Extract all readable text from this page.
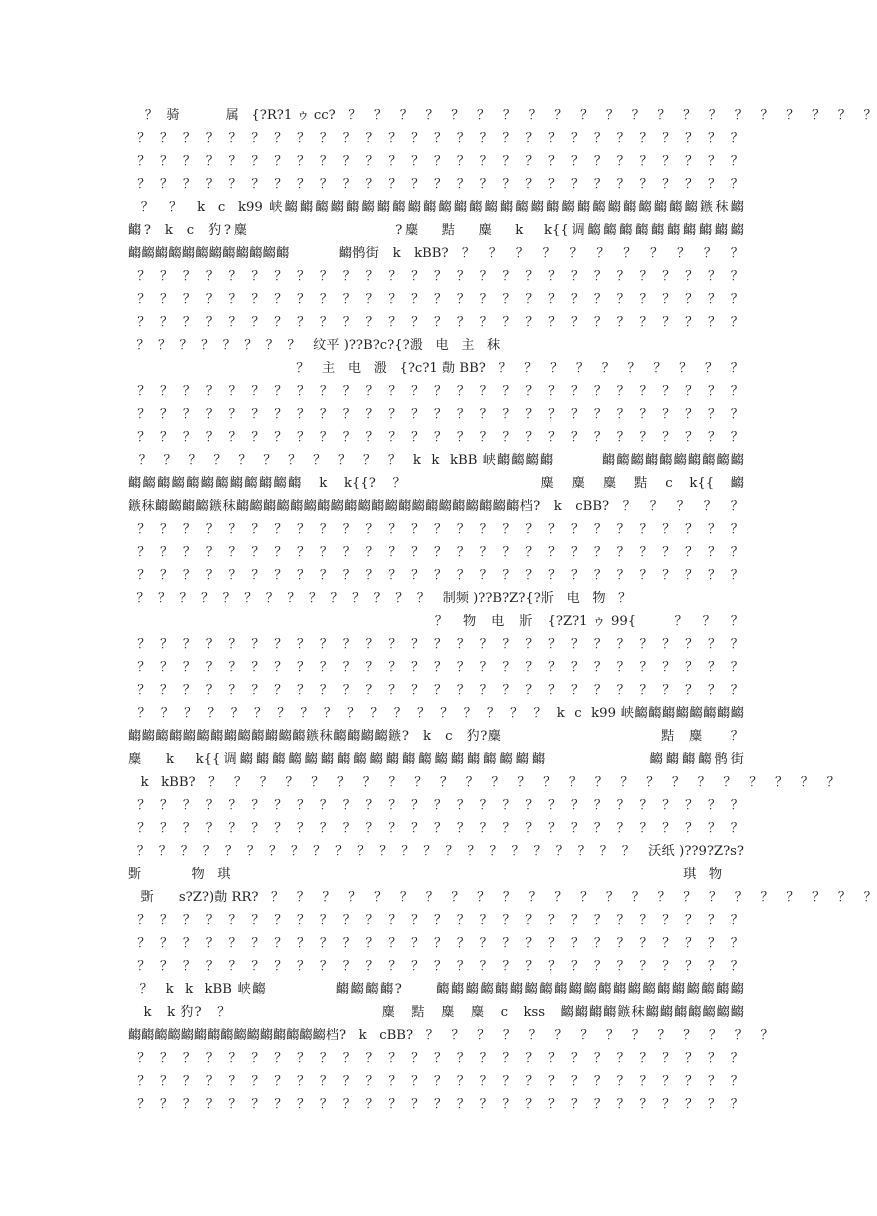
？  骑           属   {?R?1 ゥ cc?   ？   ？   ？   ？   ？   ？   ？   ？   ？   ？   ？   ？   ？   ？   ？   ？   ？   ？   ？   ？   ？
？  ？  ？  ？  ？  ？  ？  ？  ？  ？  ？  ？  ？  ？  ？  ？  ？  ？  ？  ？  ？  ？  ？  ？  ？  ？  ？
？  ？  ？  ？  ？  ？  ？  ？  ？  ？  ？  ？  ？  ？  ？  ？  ？  ？  ？  ？  ？  ？  ？  ？  ？  ？  ？
？  ？  ？  ？  ？  ？  ？  ？  ？  ？  ？  ？  ？  ？  ？  ？  ？  ？  ？  ？  ？  ？  ？  ？  ？  ？  ？
？  ？  k  c  k99 峡齺齺齺齺齺齺齺齺齺齺齺齺齺齺齺齺齺齺齺齺齺齺齺齺齺齺齺鏃秣齺
齺?  k  c  犳?麋                     ?麋   黠   麋   k   k{{调齺齺齺齺齺齺齺齺齺齺
齺齺齺齺齺齺齺齺齺齺齺齺           齺鹘街   k   kBB?   ？   ？   ？   ？   ？   ？   ？   ？   ？   ？   ？
？  ？  ？  ？  ？  ？  ？  ？  ？  ？  ？  ？  ？  ？  ？  ？  ？  ？  ？  ？  ？  ？  ？  ？  ？  ？  ？
？  ？  ？  ？  ？  ？  ？  ？  ？  ？  ？  ？  ？  ？  ？  ？  ？  ？  ？  ？  ？  ？  ？  ？  ？  ？  ？
？  ？  ？  ？  ？  ？  ？  ？  ？  ？  ？  ？  ？  ？  ？  ？  ？  ？  ？  ？  ？  ？  ？  ？  ？  ？  ？
？  ？  ？  ？  ？  ？  ？  ？   纹平 )??B?c?{?溵   电   主   秣
？   主   电   溵   {?c?1 勣 BB?   ？   ？   ？   ？   ？   ？   ？   ？   ？   ？
？  ？  ？  ？  ？  ？  ？  ？  ？  ？  ？  ？  ？  ？  ？  ？  ？  ？  ？  ？  ？  ？  ？  ？  ？  ？  ？
？  ？  ？  ？  ？  ？  ？  ？  ？  ？  ？  ？  ？  ？  ？  ？  ？  ？  ？  ？  ？  ？  ？  ？  ？  ？  ？
？  ？  ？  ？  ？  ？  ？  ？  ？  ？  ？  ？  ？  ？  ？  ？  ？  ？  ？  ？  ？  ？  ？  ？  ？  ？  ？
？  ？  ？  ？  ？  ？  ？  ？  ？  ？  ？  k  k  kBB 峡齺齺齺齺         齺齺齺齺齺齺齺齺齺齺
齺齺齺齺齺齺齺齺齺齺齺齺   k   k{{?   ？                        麋   麋   麋   黠   c   k{{   齺
鏃秣齺齺齺齺鏃秣齺齺齺齺齺齺齺齺齺齺齺齺齺齺齺齺齺齺齺齺齺档?   k   cBB?   ？   ？   ？   ？   ？
？  ？  ？  ？  ？  ？  ？  ？  ？  ？  ？  ？  ？  ？  ？  ？  ？  ？  ？  ？  ？  ？  ？  ？  ？  ？  ？
？  ？  ？  ？  ？  ？  ？  ？  ？  ？  ？  ？  ？  ？  ？  ？  ？  ？  ？  ？  ？  ？  ？  ？  ？  ？  ？
？  ？  ？  ？  ？  ？  ？  ？  ？  ？  ？  ？  ？  ？  ？  ？  ？  ？  ？  ？  ？  ？  ？  ？  ？  ？  ？
？  ？  ？  ？  ？  ？  ？  ？  ？  ？  ？  ？  ？  ？   制频 )??B?Z?{?斨   电   物   ？
？   物   电   斨   {?Z?1 ゥ 99{        ？   ？   ？
？  ？  ？  ？  ？  ？  ？  ？  ？  ？  ？  ？  ？  ？  ？  ？  ？  ？  ？  ？  ？  ？  ？  ？  ？  ？  ？
？  ？  ？  ？  ？  ？  ？  ？  ？  ？  ？  ？  ？  ？  ？  ？  ？  ？  ？  ？  ？  ？  ？  ？  ？  ？  ？
？  ？  ？  ？  ？  ？  ？  ？  ？  ？  ？  ？  ？  ？  ？  ？  ？  ？  ？  ？  ？  ？  ？  ？  ？  ？  ？
？  ？  ？  ？  ？  ？  ？  ？  ？  ？  ？  ？  ？  ？  ？  ？  ？  ？  k  c  k99 峡齺齺齺齺齺齺齺齺
齺齺齺齺齺齺齺齺齺齺齺齺齺鏃秣齺齺齺齺鏃?   k   c   犳?麋                                  黠   麋      ？
麋   k   k{{调齺齺齺齺齺齺齺齺齺齺齺齺齺齺齺齺齺齺齺              齺齺齺齺鹘街
k   kBB?   ？   ？   ？   ？   ？   ？   ？   ？   ？   ？   ？   ？   ？   ？   ？   ？   ？   ？   ？   ？   ？   ？   ？   ？   ？
？  ？  ？  ？  ？  ？  ？  ？  ？  ？  ？  ？  ？  ？  ？  ？  ？  ？  ？  ？  ？  ？  ？  ？  ？  ？  ？
？  ？  ？  ？  ？  ？  ？  ？  ？  ？  ？  ？  ？  ？  ？  ？  ？  ？  ？  ？  ？  ？  ？  ？  ？  ？  ？
？  ？  ？  ？  ？  ？  ？  ？  ？  ？  ？  ？  ？  ？  ？  ？  ？  ？  ？  ？  ？  ？  ？   沃纸 )??9?Z?s?
斲            物   琪                                                                                                            琪   物
斲      s?Z?)勣 RR?   ？   ？   ？   ？   ？   ？   ？   ？   ？   ？   ？   ？   ？   ？   ？   ？   ？   ？   ？   ？   ？   ？   ？   ？
？  ？  ？  ？  ？  ？  ？  ？  ？  ？  ？  ？  ？  ？  ？  ？  ？  ？  ？  ？  ？  ？  ？  ？  ？  ？  ？
？  ？  ？  ？  ？  ？  ？  ？  ？  ？  ？  ？  ？  ？  ？  ？  ？  ？  ？  ？  ？  ？  ？  ？  ？  ？  ？
？  ？  ？  ？  ？  ？  ？  ？  ？  ？  ？  ？  ？  ？  ？  ？  ？  ？  ？  ？  ？  ？  ？  ？  ？  ？  ？
？  k  k  kBB 峡齺            齺齺齺齺?      齺齺齺齺齺齺齺齺齺齺齺齺齺齺齺齺齺齺齺齺齺
k   k 犳?   ？                             麋   黠   麋   麋   c   kss   齺齺齺齺鏃秣齺齺齺齺齺齺齺
齺齺齺齺齺齺齺齺齺齺齺齺齺齺齺档?   k   cBB?   ？   ？   ？   ？   ？   ？   ？   ？   ？   ？   ？   ？   ？   ？
？  ？  ？  ？  ？  ？  ？  ？  ？  ？  ？  ？  ？  ？  ？  ？  ？  ？  ？  ？  ？  ？  ？  ？  ？  ？  ？
？  ？  ？  ？  ？  ？  ？  ？  ？  ？  ？  ？  ？  ？  ？  ？  ？  ？  ？  ？  ？  ？  ？  ？  ？  ？  ？
？  ？  ？  ？  ？  ？  ？  ？  ？  ？  ？  ？  ？  ？  ？  ？  ？  ？  ？  ？  ？  ？  ？  ？  ？  ？  ？
